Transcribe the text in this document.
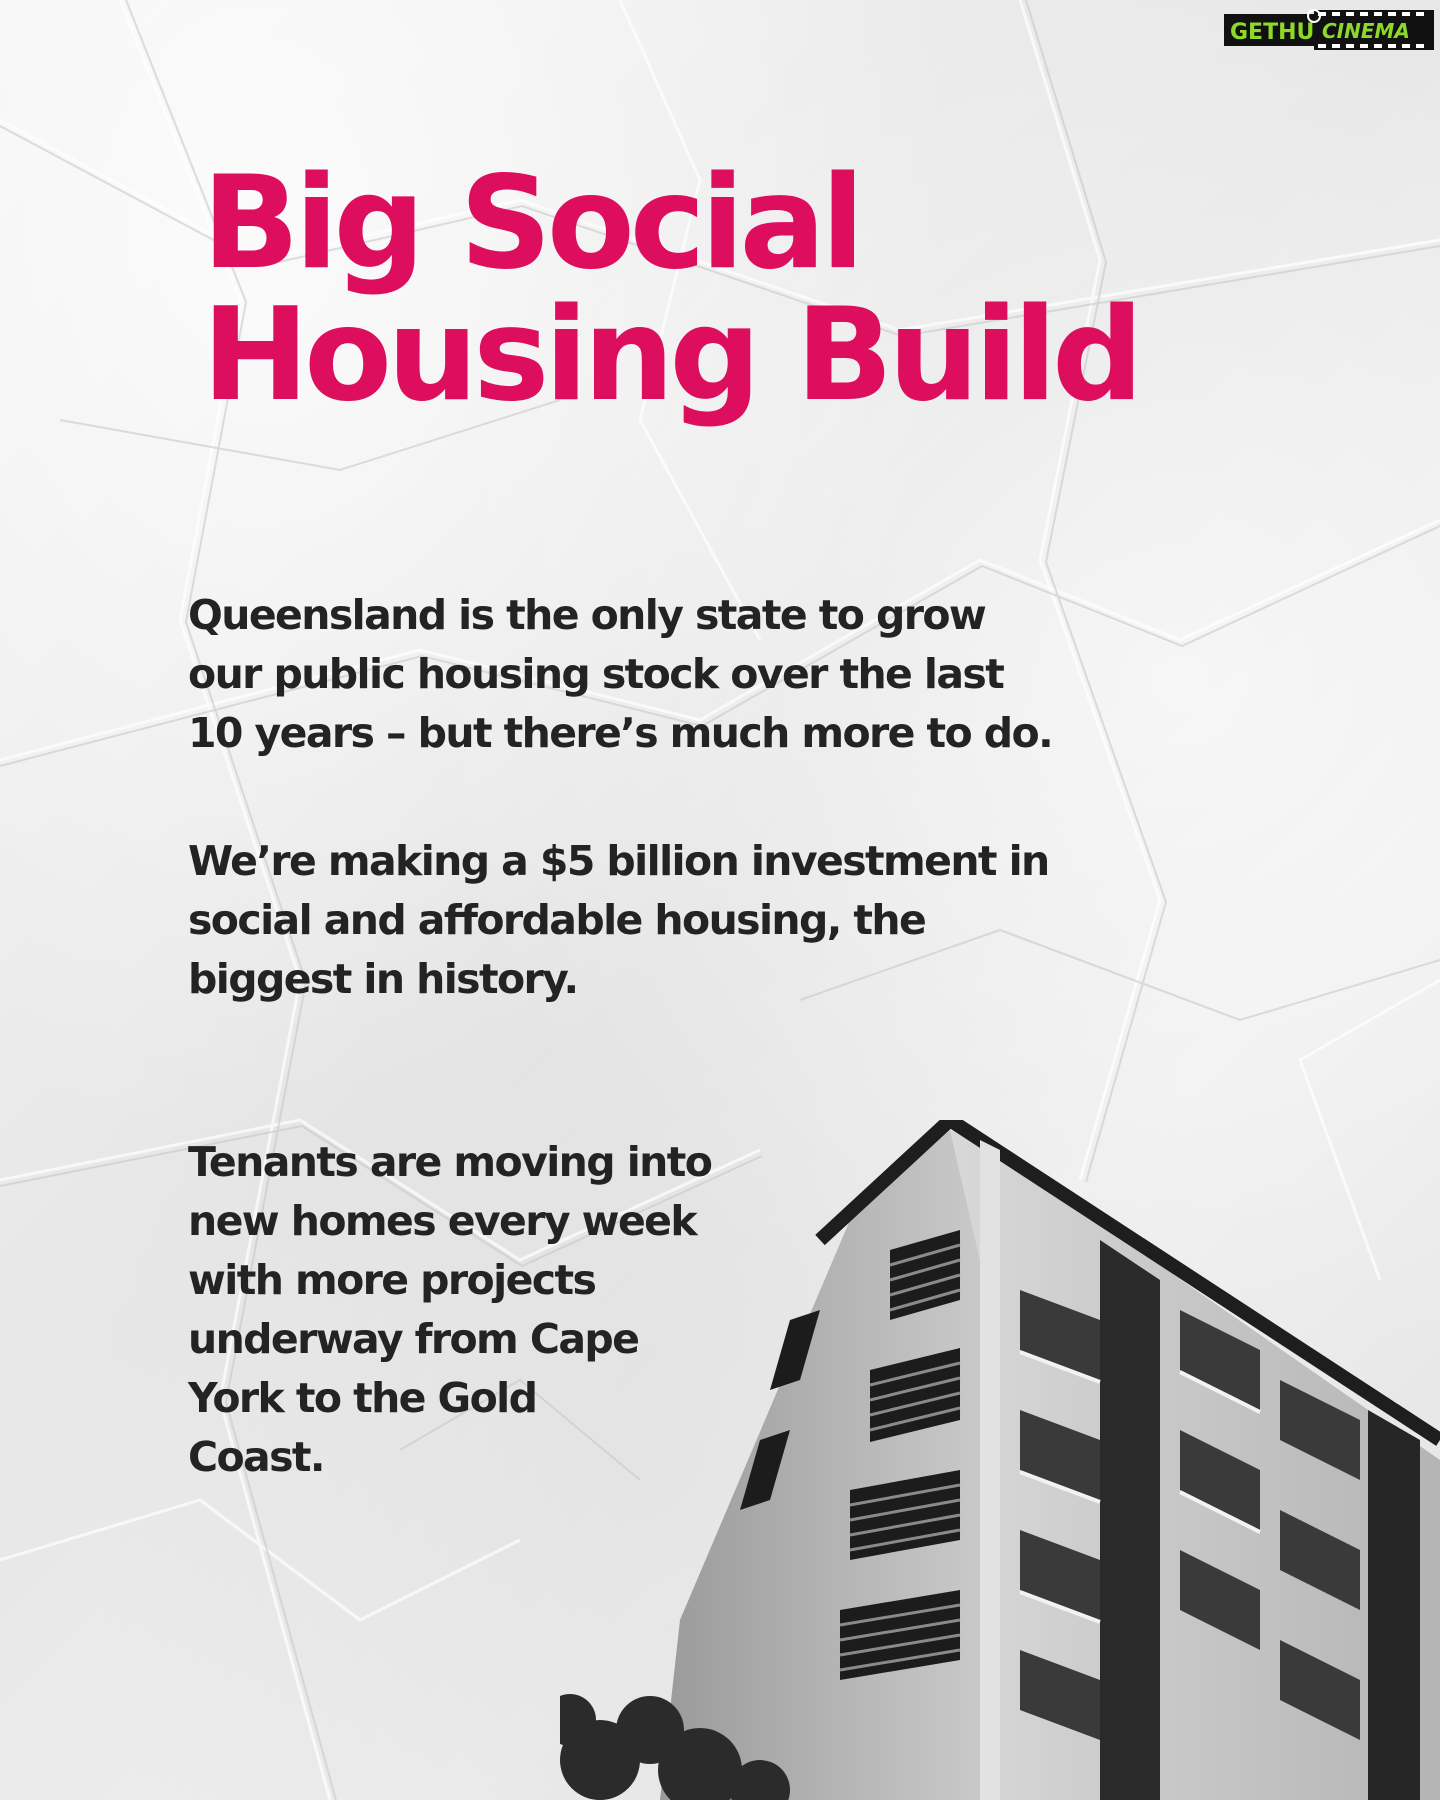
GETHU CINEMA
Big Social
Housing Build

Queensland is the only state to grow
our public housing stock over the last
10 years – but there’s much more to do.

We’re making a $5 billion investment in
social and affordable housing, the
biggest in history.

Tenants are moving into
new homes every week
with more projects
underway from Cape
York to the Gold
Coast.
